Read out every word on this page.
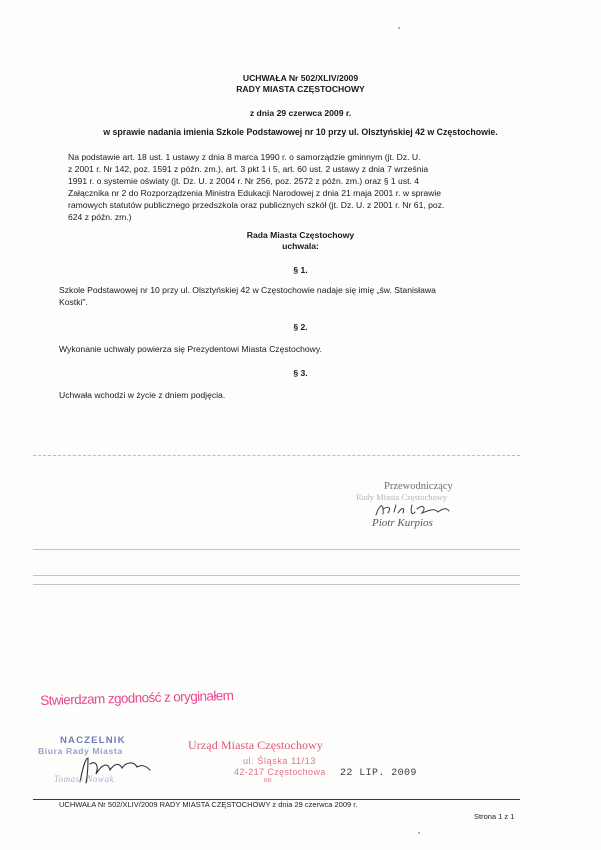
UCHWAŁA Nr 502/XLIV/2009
RADY MIASTA CZĘSTOCHOWY
z dnia 29 czerwca 2009 r.
w sprawie nadania imienia Szkole Podstawowej nr 10 przy ul. Olsztyńskiej 42 w Częstochowie.
Na podstawie art. 18 ust. 1 ustawy z dnia 8 marca 1990 r. o samorządzie gminnym (jt. Dz. U.
z 2001 r. Nr 142, poz. 1591 z późn. zm.), art. 3 pkt 1 i 5, art. 60 ust. 2 ustawy z dnia 7 września
1991 r. o systemie oświaty (jt. Dz. U. z 2004 r. Nr 256, poz. 2572 z późn. zm.) oraz § 1 ust. 4
Załącznika nr 2 do Rozporządzenia Ministra Edukacji Narodowej z dnia 21 maja 2001 r. w sprawie
ramowych statutów publicznego przedszkola oraz publicznych szkół (jt. Dz. U. z 2001 r. Nr 61, poz.
624 z późn. zm.)
Rada Miasta Częstochowy
uchwala:
§ 1.
Szkole Podstawowej nr 10 przy ul. Olsztyńskiej 42 w Częstochowie nadaje się imię „św. Stanisława
Kostki".
§ 2.
Wykonanie uchwały powierza się Prezydentowi Miasta Częstochowy.
§ 3.
Uchwała wchodzi w życie z dniem podjęcia.
Przewodniczący
Rady Miasta Częstochowy
Piotr Kurpios
Stwierdzam zgodność z oryginałem
NACZELNIK
Biura Rady Miasta
Tomasz Nowak
Urząd Miasta Częstochowy
ul. Śląska 11/13
42-217 Częstochowa
BR
22 LIP. 2009
UCHWAŁA Nr 502/XLIV/2009 RADY MIASTA CZĘSTOCHOWY z dnia 29 czerwca 2009 r.
Strona 1 z 1
